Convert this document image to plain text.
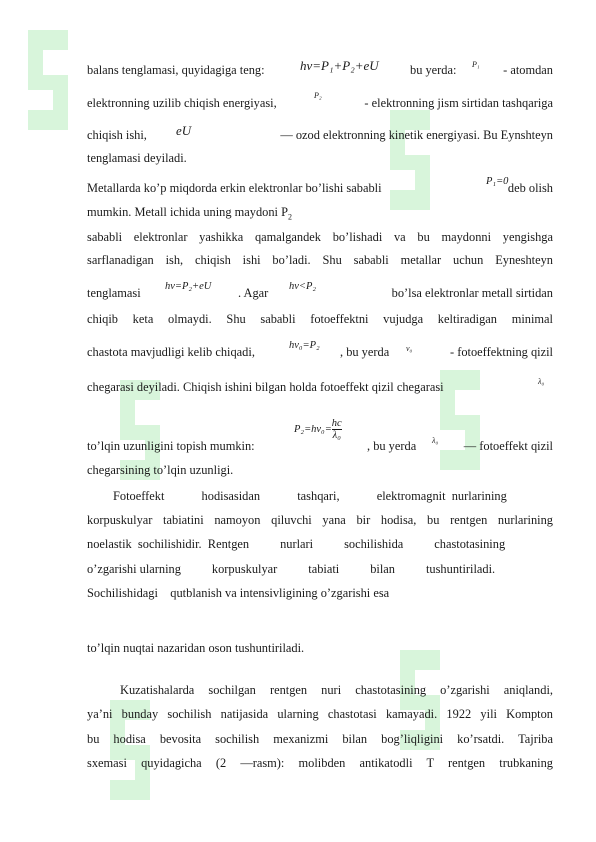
balans tenglamasi, quyidagiga teng:	bu yerda:	- atomdan
elektronning uzilib chiqish energiyasi,	- elektronning jism sirtidan tashqariga
chiqish ishi,	— ozod elektronning kinetik energiyasi. Bu Eynshteyn
tenglamasi deyiladi.
Metallarda ko’p miqdorda erkin elektronlar bo’lishi sababli	deb olish
mumkin. Metall ichida uning maydoni $P_2$
sababli elektronlar yashikka qamalgandek bo’lishadi va bu maydonni yengishga
sarflanadigan ish, chiqish ishi bo’ladi. Shu sababli metallar uchun Eyneshteyn
tenglamasi	. Agar	bo’lsa elektronlar metall sirtidan
chiqib keta olmaydi. Shu sababli fotoeffektni vujudga keltiradigan minimal
chastota mavjudligi kelib chiqadi,	, bu yerda	- fotoeffektning qizil
chegarasi deyiladi. Chiqish ishini bilgan holda fotoeffekt qizil chegarasi
to’lqin uzunligini topish mumkin:	, bu yerda	— fotoeffekt qizil
chegarsining to’lqin uzunligi.
Fotoeffekt            hodisasidan            tashqari,            elektromagnit  nurlarining
korpuskulyar tabiatini namoyon qiluvchi yana bir hodisa, bu rentgen nurlarining
noelastik  sochilishidir.  Rentgen          nurlari          sochilishida          chastotasining
o’zgarishi ularning          korpuskulyar          tabiati          bilan          tushuntiriladi.
Sochilishidagi    qutblanish va intensivligining o’zgarishi esa
to’lqin nuqtai nazaridan oson tushuntiriladi.
Kuzatishalarda sochilgan rentgen nuri chastotasining o’zgarishi aniqlandi,
ya’ni bunday sochilish natijasida ularning chastotasi kamayadi. 1922 yili Kompton
bu hodisa bevosita sochilish mexanizmi bilan bog’liqligini ko’rsatdi. Tajriba
sxemasi quyidagicha (2 —rasm): molibden antikatodli T rentgen trubkaning
hν=P₁+P₂+eU	P₁
P₂
eU
P₁=0
hν=P₂+eU	hν<P₂
hν₀=P₂	ν₀
λ₀
$P_2=h\nu_0= \frac{hc}{\text{λ₀}}$	λ₀
